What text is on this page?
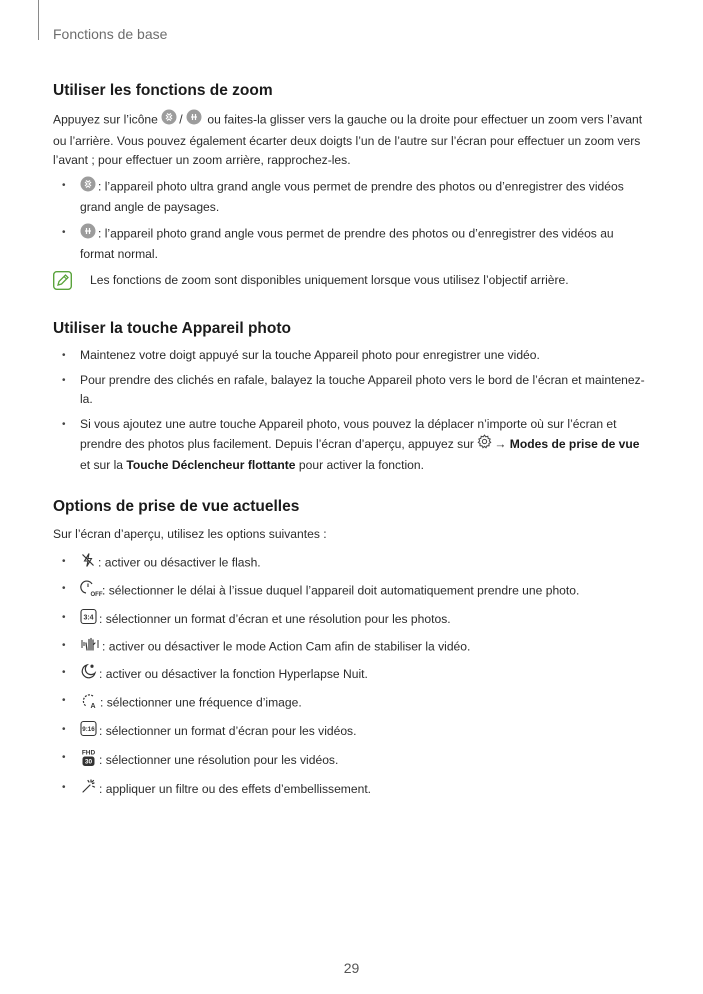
Fonctions de base
Utiliser les fonctions de zoom

Appuyez sur l’icône / ou faites-la glisser vers la gauche ou la droite pour effectuer un zoom vers l’avant ou l’arrière. Vous pouvez également écarter deux doigts l’un de l’autre sur l’écran pour effectuer un zoom vers l’avant ; pour effectuer un zoom arrière, rapprochez-les.

•	: l’appareil photo ultra grand angle vous permet de prendre des photos ou d’enregistrer des vidéos grand angle de paysages.
•	: l’appareil photo grand angle vous permet de prendre des photos ou d’enregistrer des vidéos au format normal.
Les fonctions de zoom sont disponibles uniquement lorsque vous utilisez l’objectif arrière.
Utiliser la touche Appareil photo
• Maintenez votre doigt appuyé sur la touche Appareil photo pour enregistrer une vidéo.
• Pour prendre des clichés en rafale, balayez la touche Appareil photo vers le bord de l’écran et maintenez-la.
• Si vous ajoutez une autre touche Appareil photo, vous pouvez la déplacer n’importe où sur l’écran et prendre des photos plus facilement. Depuis l’écran d’aperçu, appuyez sur → Modes de prise de vue et sur la Touche Déclencheur flottante pour activer la fonction.
Options de prise de vue actuelles

Sur l’écran d’aperçu, utilisez les options suivantes :

•	: activer ou désactiver le flash.
•
OFF : sélectionner le délai à l’issue duquel l’appareil doit automatiquement prendre une photo.
•	3:4 : sélectionner un format d’écran et une résolution pour les photos.
•	: activer ou désactiver le mode Action Cam afin de stabiliser la vidéo.
•	: activer ou désactiver la fonction Hyperlapse Nuit.
•
A : sélectionner une fréquence d’image.
•	9:16 : sélectionner un format d’écran pour les vidéos.
•	FHD
30 : sélectionner une résolution pour les vidéos.
•	: appliquer un filtre ou des effets d’embellissement.
29
